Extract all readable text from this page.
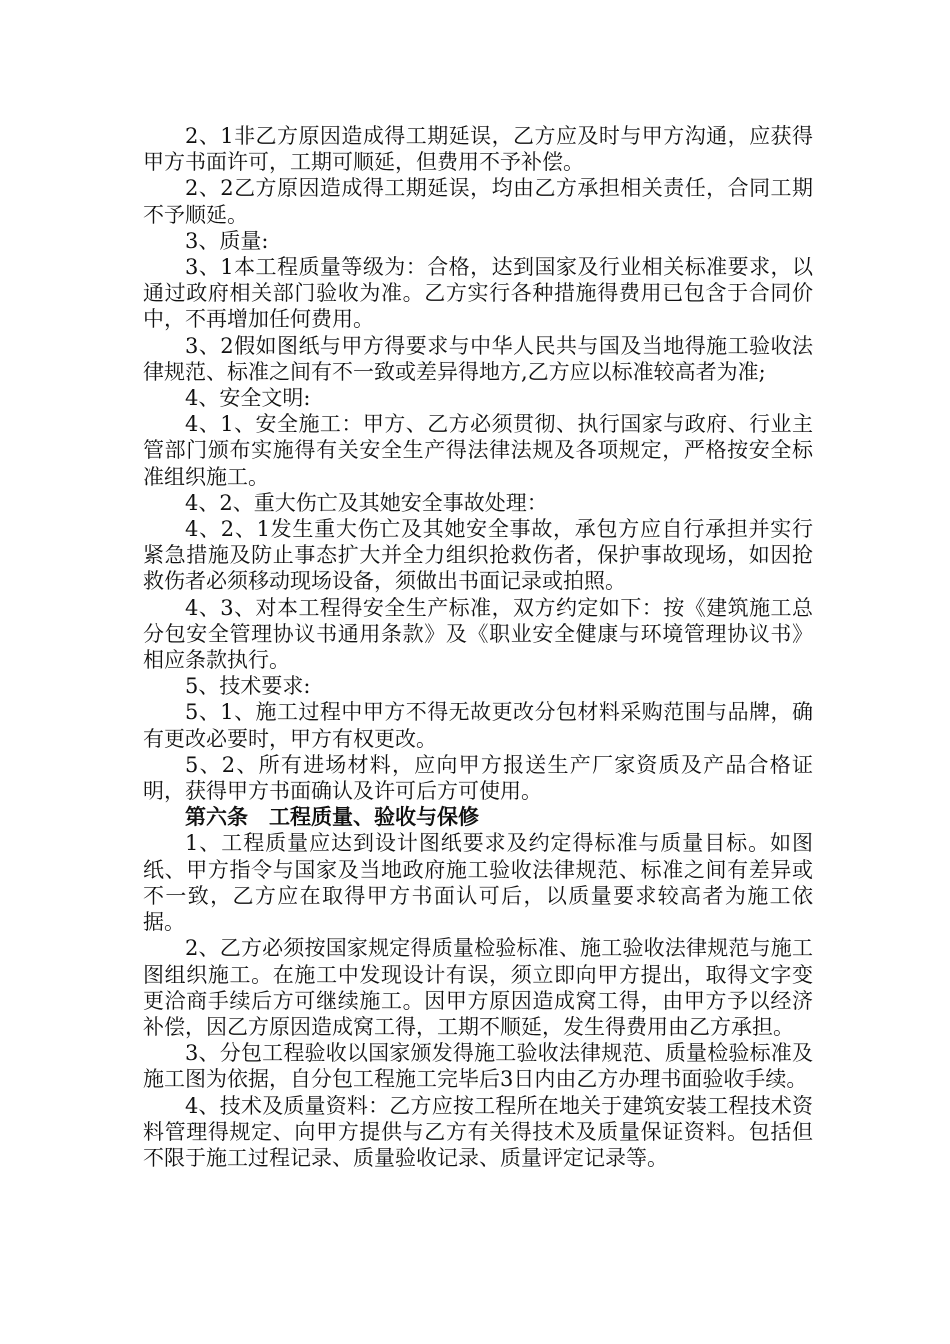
2、1非乙方原因造成得工期延误，乙方应及时与甲方沟通，应获得甲方书面许可，工期可顺延，但费用不予补偿。

2、2乙方原因造成得工期延误，均由乙方承担相关责任，合同工期不予顺延。

3、质量:

3、1本工程质量等级为：合格，达到国家及行业相关标准要求，以通过政府相关部门验收为准。乙方实行各种措施得费用已包含于合同价中，不再增加任何费用。

3、2假如图纸与甲方得要求与中华人民共与国及当地得施工验收法律规范、标准之间有不一致或差异得地方,乙方应以标准较高者为准;

4、安全文明:

4、1、安全施工：甲方、乙方必须贯彻、执行国家与政府、行业主管部门颁布实施得有关安全生产得法律法规及各项规定，严格按安全标准组织施工。

4、2、重大伤亡及其她安全事故处理：

4、2、1发生重大伤亡及其她安全事故，承包方应自行承担并实行紧急措施及防止事态扩大并全力组织抢救伤者，保护事故现场，如因抢救伤者必须移动现场设备，须做出书面记录或拍照。

4、3、对本工程得安全生产标准，双方约定如下：按《建筑施工总分包安全管理协议书通用条款》及《职业安全健康与环境管理协议书》相应条款执行。

5、技术要求:

5、1、施工过程中甲方不得无故更改分包材料采购范围与品牌，确有更改必要时，甲方有权更改。

5、2、所有进场材料，应向甲方报送生产厂家资质及产品合格证明，获得甲方书面确认及许可后方可使用。

第六条　工程质量、验收与保修

1、工程质量应达到设计图纸要求及约定得标准与质量目标。如图纸、甲方指令与国家及当地政府施工验收法律规范、标准之间有差异或不一致，乙方应在取得甲方书面认可后，以质量要求较高者为施工依据。

2、乙方必须按国家规定得质量检验标准、施工验收法律规范与施工图组织施工。在施工中发现设计有误，须立即向甲方提出，取得文字变更洽商手续后方可继续施工。因甲方原因造成窝工得，由甲方予以经济补偿，因乙方原因造成窝工得，工期不顺延，发生得费用由乙方承担。

3、分包工程验收以国家颁发得施工验收法律规范、质量检验标准及施工图为依据，自分包工程施工完毕后3日内由乙方办理书面验收手续。

4、技术及质量资料：乙方应按工程所在地关于建筑安装工程技术资料管理得规定、向甲方提供与乙方有关得技术及质量保证资料。包括但不限于施工过程记录、质量验收记录、质量评定记录等。
